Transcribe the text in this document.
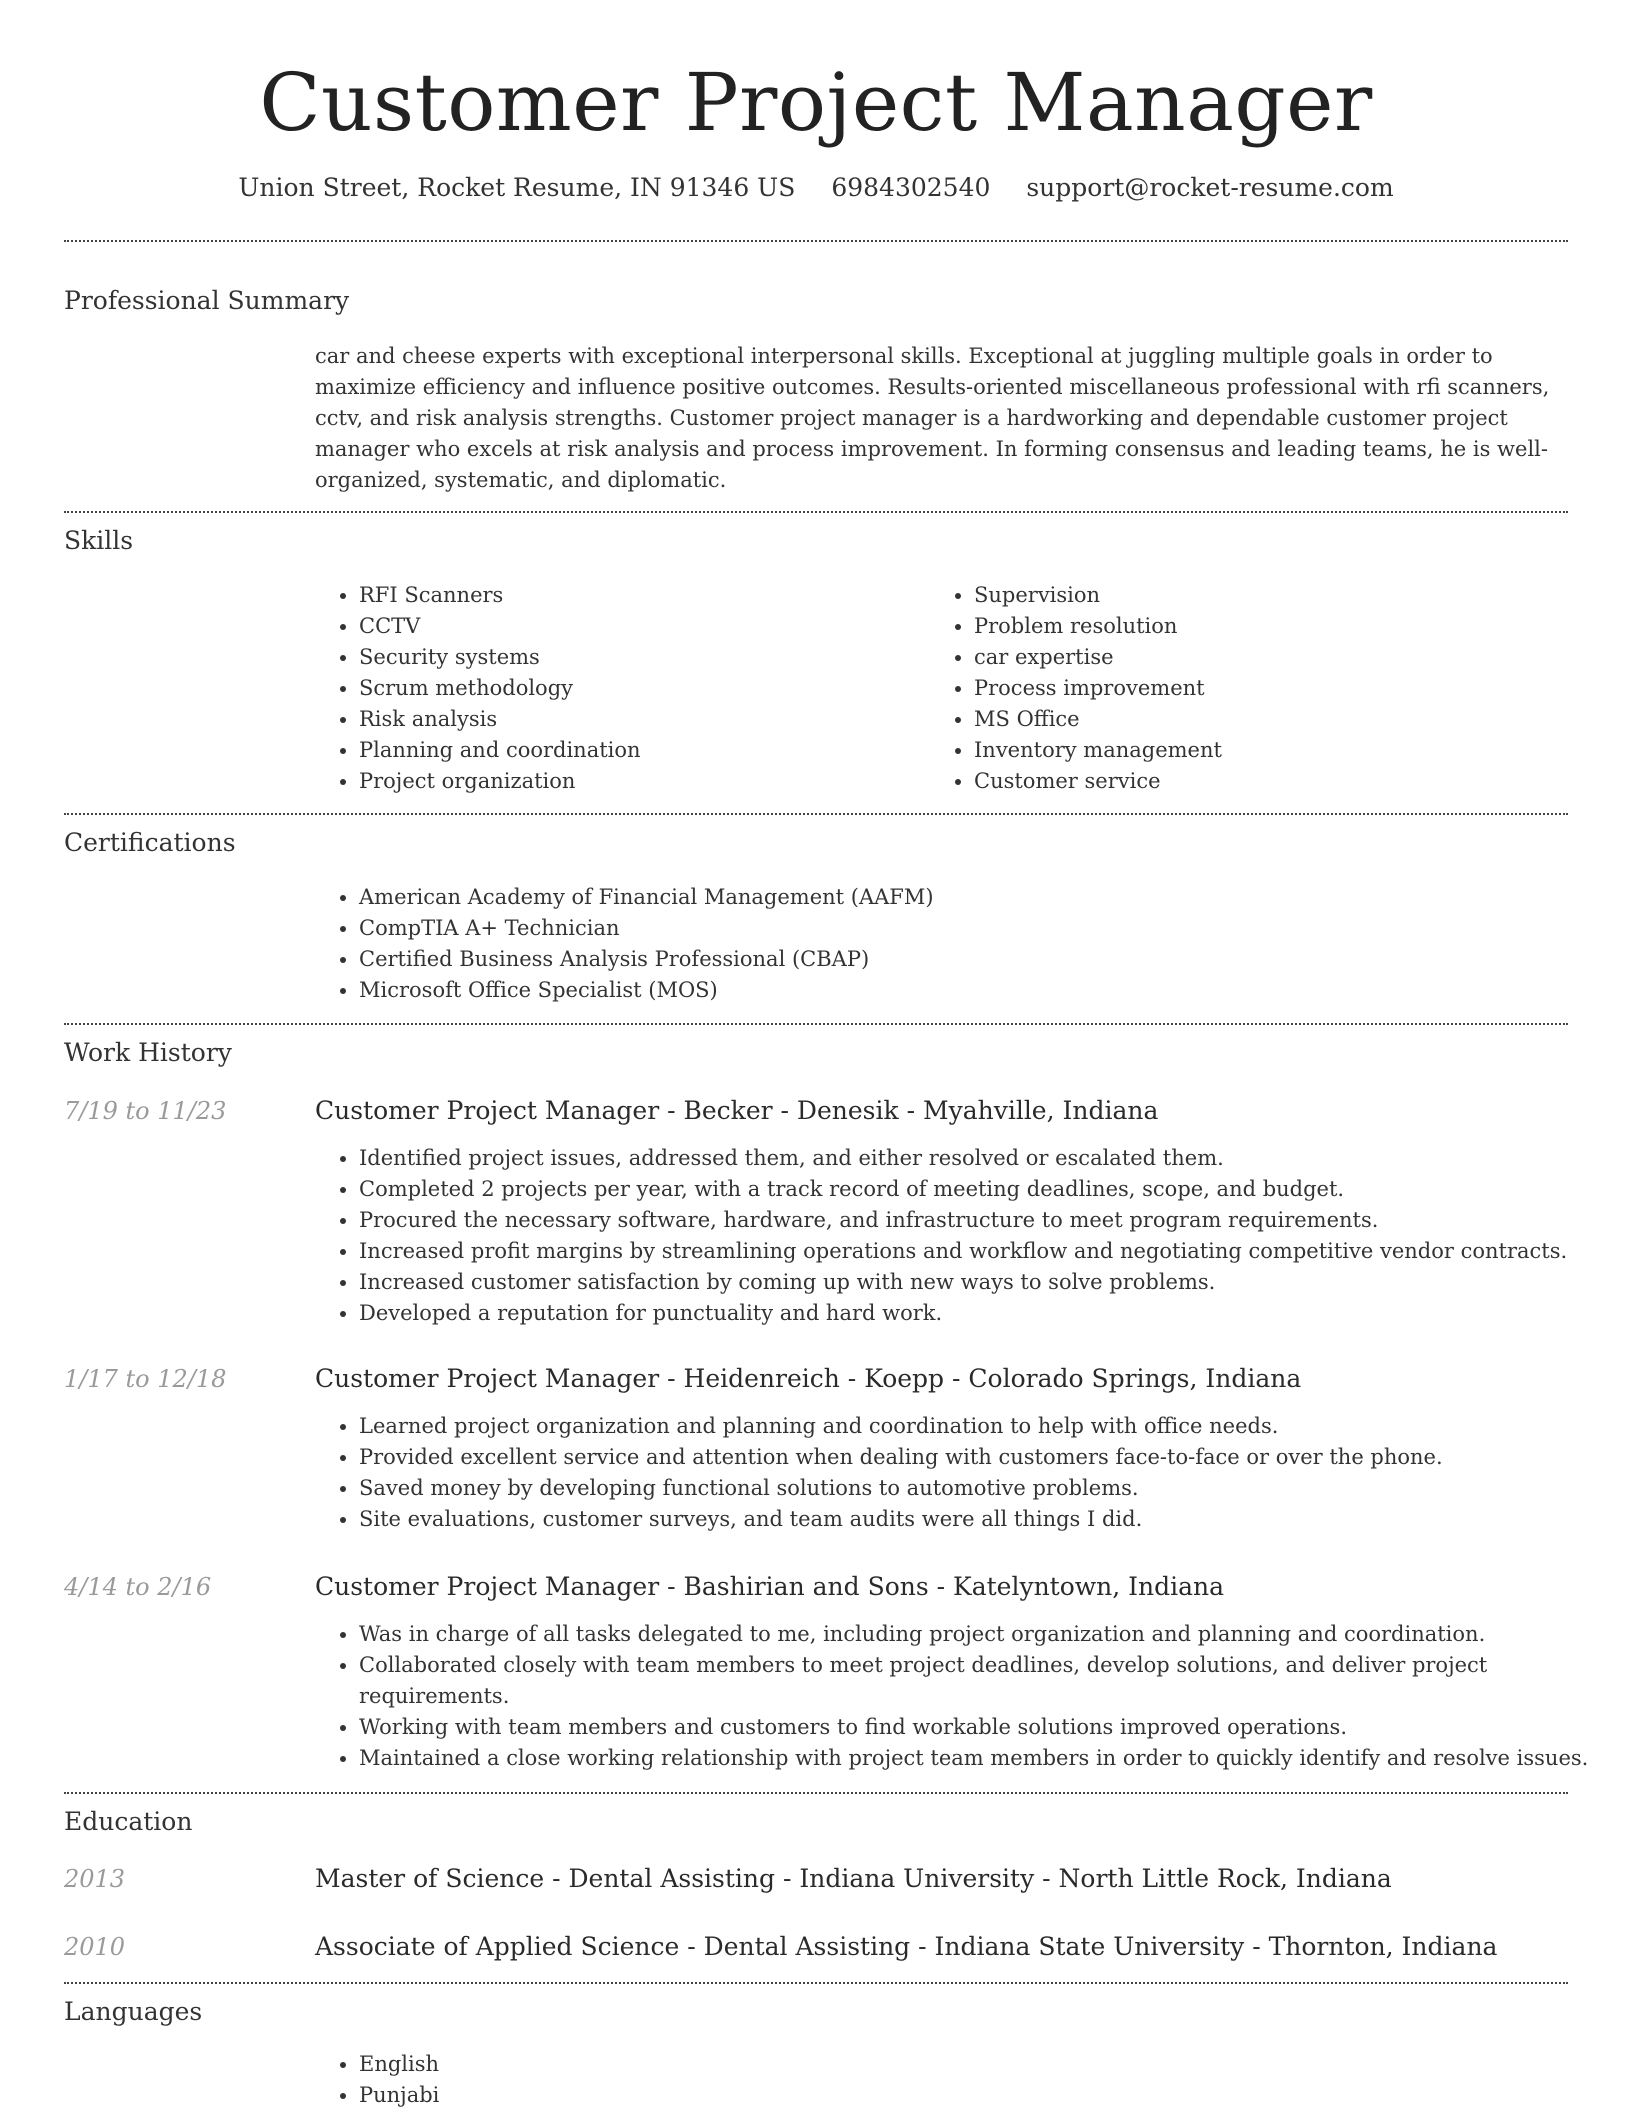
Customer Project Manager
Union Street, Rocket Resume, IN 91346 US 6984302540 support@rocket-resume.com
Professional Summary

car and cheese experts with exceptional interpersonal skills. Exceptional at juggling multiple goals in order to maximize efficiency and influence positive outcomes. Results-oriented miscellaneous professional with rfi scanners, cctv, and risk analysis strengths. Customer project manager is a hardworking and dependable customer project manager who excels at risk analysis and process improvement. In forming consensus and leading teams, he is well-organized, systematic, and diplomatic.

Skills
• RFI Scanners
• CCTV
• Security systems
• Scrum methodology
• Risk analysis
• Planning and coordination
• Project organization
• Supervision
• Problem resolution
• car expertise
• Process improvement
• MS Office
• Inventory management
• Customer service
Certifications
• American Academy of Financial Management (AAFM)
• CompTIA A+ Technician
• Certified Business Analysis Professional (CBAP)
• Microsoft Office Specialist (MOS)
Work History
7/19 to 11/23	Customer Project Manager - Becker - Denesik - Myahville, Indiana
• Identified project issues, addressed them, and either resolved or escalated them.
• Completed 2 projects per year, with a track record of meeting deadlines, scope, and budget.
• Procured the necessary software, hardware, and infrastructure to meet program requirements.
• Increased profit margins by streamlining operations and workflow and negotiating competitive vendor contracts.
• Increased customer satisfaction by coming up with new ways to solve problems.
• Developed a reputation for punctuality and hard work.
1/17 to 12/18	Customer Project Manager - Heidenreich - Koepp - Colorado Springs, Indiana
• Learned project organization and planning and coordination to help with office needs.
• Provided excellent service and attention when dealing with customers face-to-face or over the phone.
• Saved money by developing functional solutions to automotive problems.
• Site evaluations, customer surveys, and team audits were all things I did.
4/14 to 2/16	Customer Project Manager - Bashirian and Sons - Katelyntown, Indiana
• Was in charge of all tasks delegated to me, including project organization and planning and coordination.
• Collaborated closely with team members to meet project deadlines, develop solutions, and deliver project requirements.
• Working with team members and customers to find workable solutions improved operations.
• Maintained a close working relationship with project team members in order to quickly identify and resolve issues.
Education
2013	Master of Science - Dental Assisting - Indiana University - North Little Rock, Indiana
2010	Associate of Applied Science - Dental Assisting - Indiana State University - Thornton, Indiana
Languages
• English
• Punjabi
